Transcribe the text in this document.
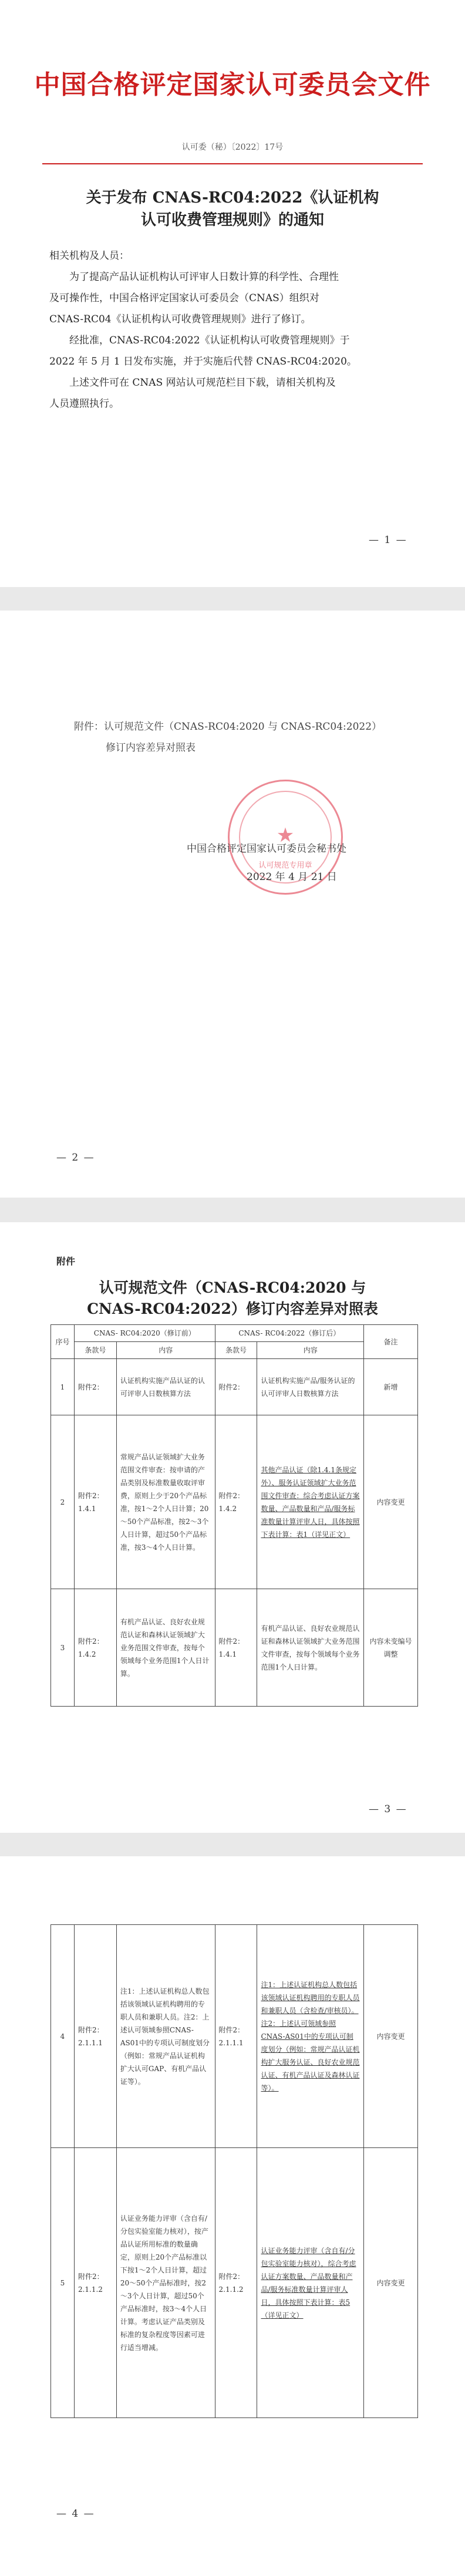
中国合格评定国家认可委员会文件
认可委（秘）〔2022〕17号
关于发布 CNAS-RC04:2022《认证机构
认可收费管理规则》的通知
相关机构及人员：
为了提高产品认证机构认可评审人日数计算的科学性、合理性
及可操作性，中国合格评定国家认可委员会（CNAS）组织对
CNAS-RC04《认证机构认可收费管理规则》进行了修订。
经批准，CNAS-RC04:2022《认证机构认可收费管理规则》于
2022 年 5 月 1 日发布实施，并于实施后代替 CNAS-RC04:2020。
上述文件可在 CNAS 网站认可规范栏目下载，请相关机构及
人员遵照执行。
— 1 —
附件：认可规范文件（CNAS-RC04:2020 与 CNAS-RC04:2022）
修订内容差异对照表
★
认可规范专用章
中国合格评定国家认可委员会秘书处
2022 年 4 月 21 日
— 2 —
附件
认可规范文件（CNAS-RC04:2020 与
CNAS-RC04:2022）修订内容差异对照表
序号	CNAS- RC04:2020（修订前）		CNAS- RC04:2022（修订后）		备注
	条款号	内容	条款号	内容	
1	附件2：	认证机构实施产品认证的认可评审人日数核算方法	附件2：	认证机构实施产品/服务认证的认可评审人日数核算方法	新增
2	附件2：1.4.1	常规产品认证领域扩大业务范围文件审查：按申请的产品类别及标准数量收取评审费，原则上少于20个产品标准，按1～2个人日计算；20～50个产品标准，按2～3个人日计算，超过50个产品标准，按3～4个人日计算。	附件2：1.4.2	其他产品认证（除1.4.1条规定外）、服务认证领域扩大业务范围文件审查：综合考虑认证方案数量、产品数量和产品/服务标准数量计算评审人日，具体按照下表计算：表1（详见正文）	内容变更
3	附件2：1.4.2	有机产品认证、良好农业规范认证和森林认证领域扩大业务范围文件审查，按每个领域每个业务范围1个人日计算。	附件2：1.4.1	有机产品认证、良好农业规范认证和森林认证领域扩大业务范围文件审查，按每个领域每个业务范围1个人日计算。	内容未变编号调整
— 3 —
4	附件2：2.1.1.1	注1：上述认证机构总人数包括该领域认证机构聘用的专职人员和兼职人员。注2：上述认可领域参照CNAS-AS01中的专项认可制度划分（例如：常规产品认证机构扩大认可GAP、有机产品认证等）。	附件2：2.1.1.1	注1：上述认证机构总人数包括该领域认证机构聘用的专职人员和兼职人员（含检查/审核员）。注2：上述认可领域参照CNAS-AS01中的专项认可制度划分（例如：常规产品认证机构扩大服务认证、良好农业规范认证、有机产品认证及森林认证等）。	内容变更
5	附件2：2.1.1.2	认证业务能力评审（含自有/分包实验室能力核对），按产品认证所用标准的数量确定，原则上20个产品标准以下按1～2个人日计算，超过20～50个产品标准时，按2～3个人日计算，超过50个产品标准时，按3～4个人日计算。考虑认证产品类别及标准的复杂程度等因素可进行适当增减。	附件2：2.1.1.2	认证业务能力评审（含自有/分包实验室能力核对），综合考虑认证方案数量、产品数量和产品/服务标准数量计算评审人日，具体按照下表计算：表5（详见正文）	内容变更
— 4 —
